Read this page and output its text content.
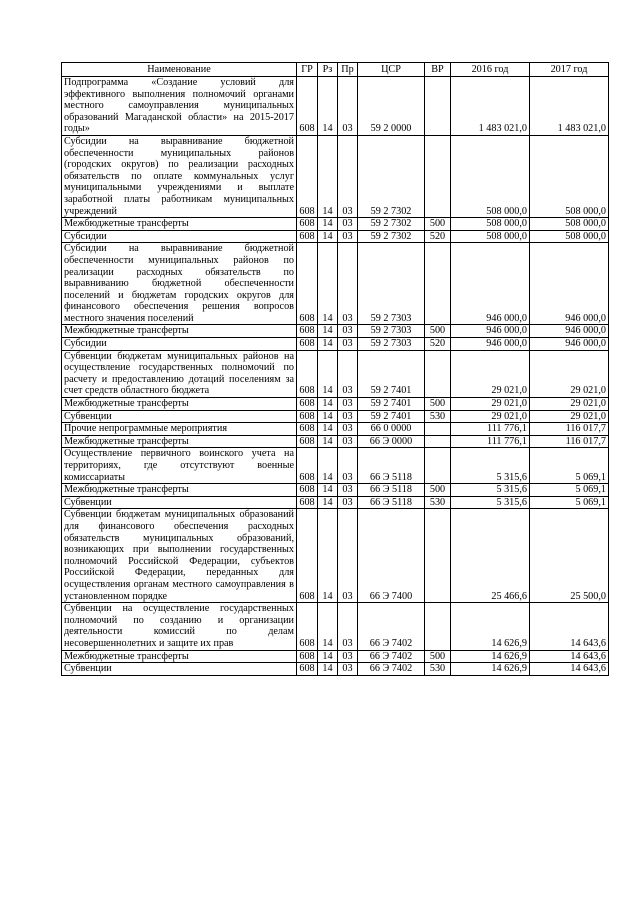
Наименование	ГР	Рз	Пр	ЦСР	ВР	2016 год	2017 год
Подпрограмма «Создание условий для эффективного выполнения полномочий органами местного самоуправления муниципальных образований Магаданской области» на 2015-2017 годы»	608	14	03	59 2 0000		1 483 021,0	1 483 021,0
Субсидии на выравнивание бюджетной обеспеченности муниципальных районов (городских округов) по реализации расходных обязательств по оплате коммунальных услуг муниципальными учреждениями и выплате заработной платы работникам муниципальных учреждений	608	14	03	59 2 7302		508 000,0	508 000,0
Межбюджетные трансферты	608	14	03	59 2 7302	500	508 000,0	508 000,0
Субсидии	608	14	03	59 2 7302	520	508 000,0	508 000,0
Субсидии на выравнивание бюджетной обеспеченности муниципальных районов по реализации расходных обязательств по выравниванию бюджетной обеспеченности поселений и бюджетам городских округов для финансового обеспечения решения вопросов местного значения поселений	608	14	03	59 2 7303		946 000,0	946 000,0
Межбюджетные трансферты	608	14	03	59 2 7303	500	946 000,0	946 000,0
Субсидии	608	14	03	59 2 7303	520	946 000,0	946 000,0
Субвенции бюджетам муниципальных районов на осуществление государственных полномочий по расчету и предоставлению дотаций поселениям за счет средств областного бюджета	608	14	03	59 2 7401		29 021,0	29 021,0
Межбюджетные трансферты	608	14	03	59 2 7401	500	29 021,0	29 021,0
Субвенции	608	14	03	59 2 7401	530	29 021,0	29 021,0
Прочие непрограммные мероприятия	608	14	03	66 0 0000		111 776,1	116 017,7
Межбюджетные трансферты	608	14	03	66 Э 0000		111 776,1	116 017,7
Осуществление первичного воинского учета на территориях, где отсутствуют военные комиссариаты	608	14	03	66 Э 5118		5 315,6	5 069,1
Межбюджетные трансферты	608	14	03	66 Э 5118	500	5 315,6	5 069,1
Субвенции	608	14	03	66 Э 5118	530	5 315,6	5 069,1
Субвенции бюджетам муниципальных образований для финансового обеспечения расходных обязательств муниципальных образований, возникающих при выполнении государственных полномочий Российской Федерации, субъектов Российской Федерации, переданных для осуществления органам местного самоуправления в установленном порядке	608	14	03	66 Э 7400		25 466,6	25 500,0
Субвенции на осуществление государственных полномочий по созданию и организации деятельности комиссий по делам несовершеннолетних и защите их прав	608	14	03	66 Э 7402		14 626,9	14 643,6
Межбюджетные трансферты	608	14	03	66 Э 7402	500	14 626,9	14 643,6
Субвенции	608	14	03	66 Э 7402	530	14 626,9	14 643,6
